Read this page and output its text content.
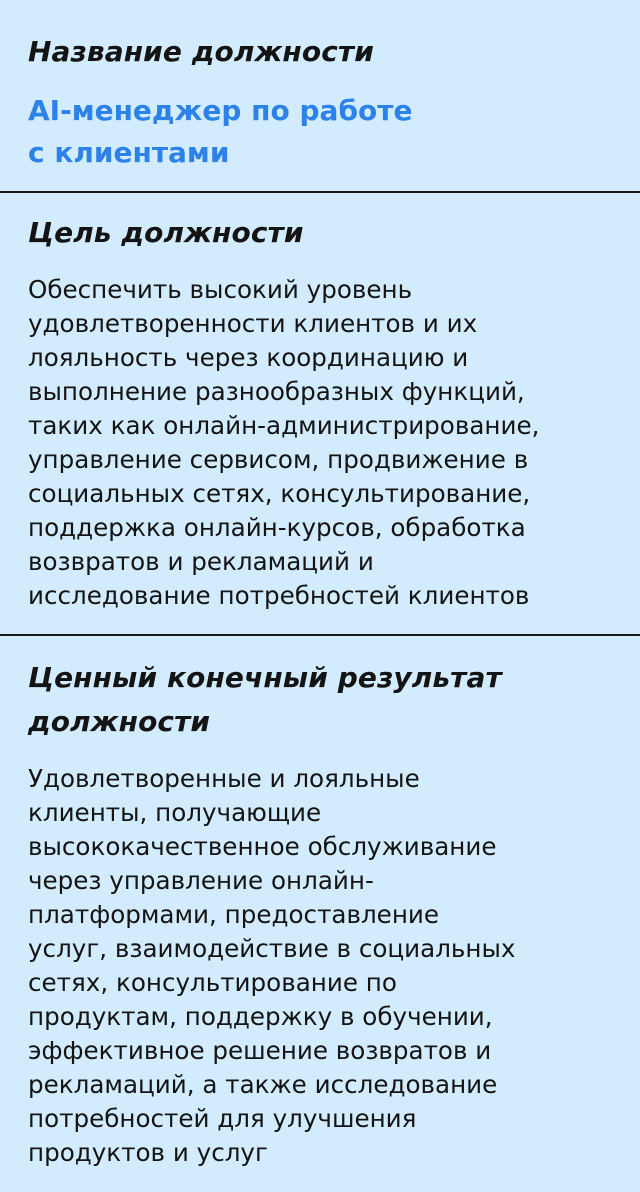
Название должности
AI-менеджер по работе
с клиентами
Цель должности
Обеспечить высокий уровень
удовлетворенности клиентов и их
лояльность через координацию и
выполнение разнообразных функций,
таких как онлайн-администрирование,
управление сервисом, продвижение в
социальных сетях, консультирование,
поддержка онлайн-курсов, обработка
возвратов и рекламаций и
исследование потребностей клиентов
Ценный конечный результат
должности
Удовлетворенные и лояльные
клиенты, получающие
высококачественное обслуживание
через управление онлайн-
платформами, предоставление
услуг, взаимодействие в социальных
сетях, консультирование по
продуктам, поддержку в обучении,
эффективное решение возвратов и
рекламаций, а также исследование
потребностей для улучшения
продуктов и услуг
